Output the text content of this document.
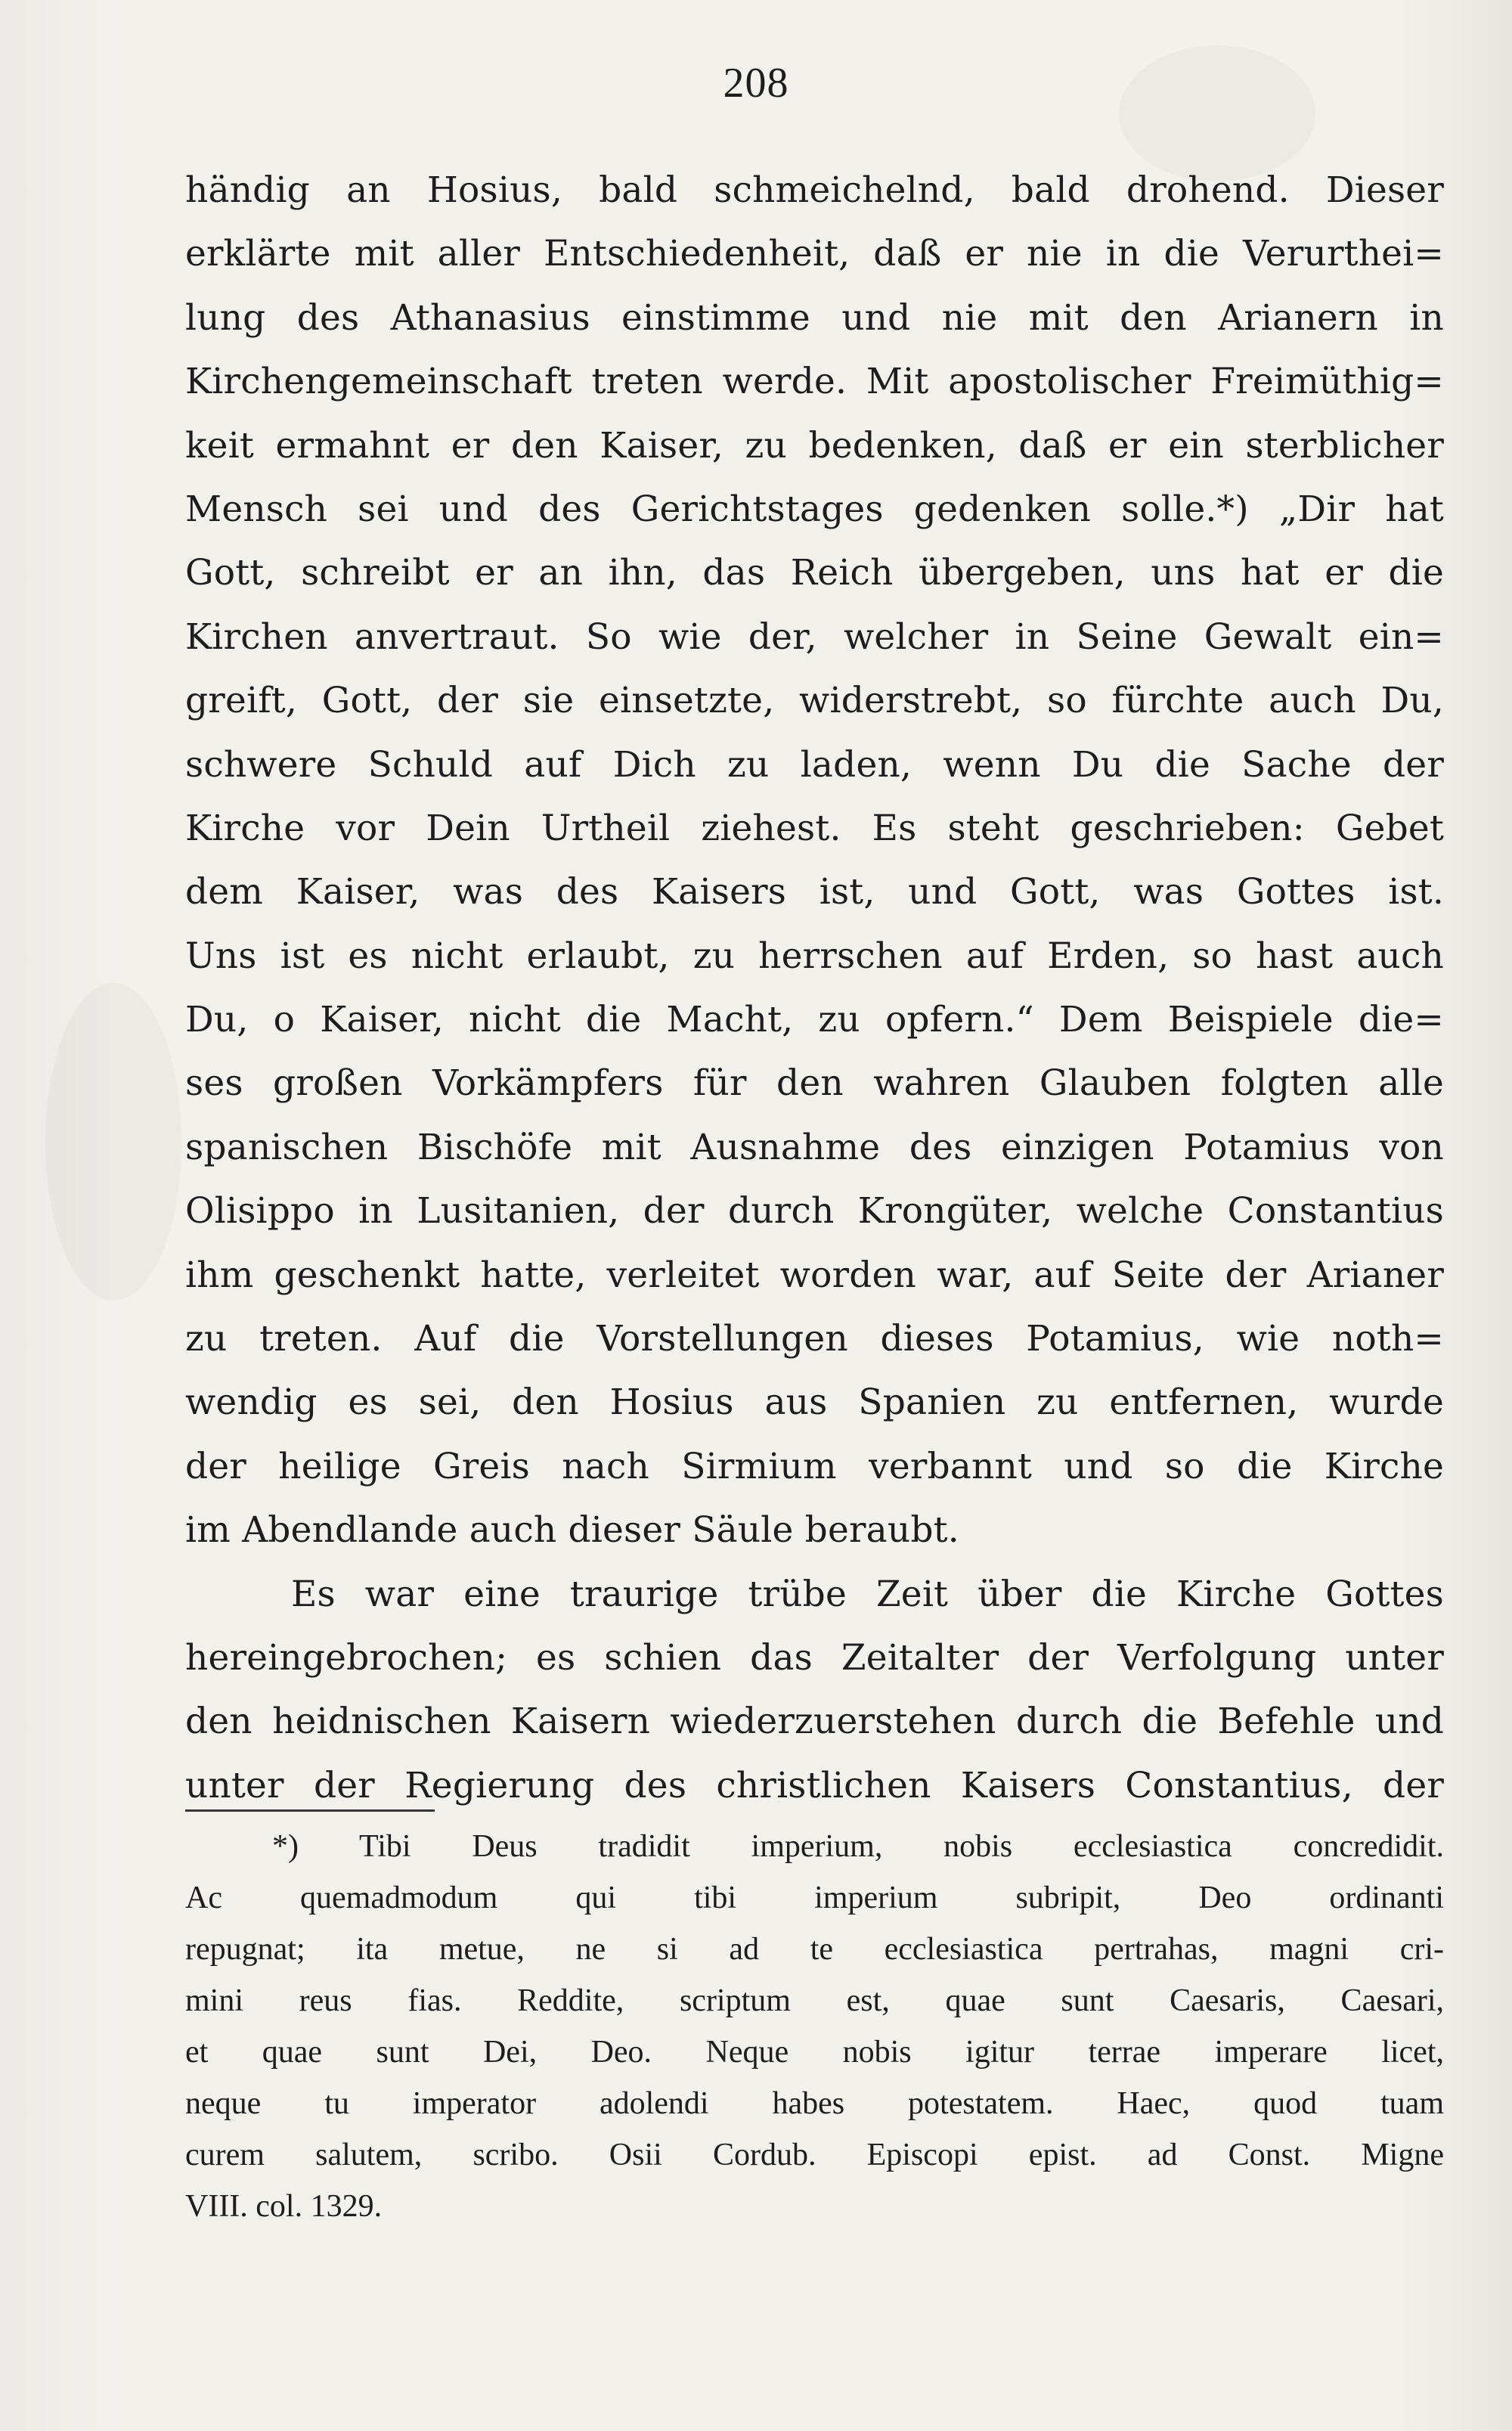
208
händig an Hosius, bald schmeichelnd, bald drohend. Dieser
erklärte mit aller Entschiedenheit, daß er nie in die Verurthei=
lung des Athanasius einstimme und nie mit den Arianern in
Kirchengemeinschaft treten werde. Mit apostolischer Freimüthig=
keit ermahnt er den Kaiser, zu bedenken, daß er ein sterblicher
Mensch sei und des Gerichtstages gedenken solle.*) „Dir hat
Gott, schreibt er an ihn, das Reich übergeben, uns hat er die
Kirchen anvertraut. So wie der, welcher in Seine Gewalt ein=
greift, Gott, der sie einsetzte, widerstrebt, so fürchte auch Du,
schwere Schuld auf Dich zu laden, wenn Du die Sache der
Kirche vor Dein Urtheil ziehest. Es steht geschrieben: Gebet
dem Kaiser, was des Kaisers ist, und Gott, was Gottes ist.
Uns ist es nicht erlaubt, zu herrschen auf Erden, so hast auch
Du, o Kaiser, nicht die Macht, zu opfern.“ Dem Beispiele die=
ses großen Vorkämpfers für den wahren Glauben folgten alle
spanischen Bischöfe mit Ausnahme des einzigen Potamius von
Olisippo in Lusitanien, der durch Krongüter, welche Constantius
ihm geschenkt hatte, verleitet worden war, auf Seite der Arianer
zu treten. Auf die Vorstellungen dieses Potamius, wie noth=
wendig es sei, den Hosius aus Spanien zu entfernen, wurde
der heilige Greis nach Sirmium verbannt und so die Kirche
im Abendlande auch dieser Säule beraubt.
Es war eine traurige trübe Zeit über die Kirche Gottes
hereingebrochen; es schien das Zeitalter der Verfolgung unter
den heidnischen Kaisern wiederzuerstehen durch die Befehle und
unter der Regierung des christlichen Kaisers Constantius, der
*) Tibi Deus tradidit imperium, nobis ecclesiastica concredidit.
Ac quemadmodum qui tibi imperium subripit, Deo ordinanti
repugnat; ita metue, ne si ad te ecclesiastica pertrahas, magni cri-
mini reus fias. Reddite, scriptum est, quae sunt Caesaris, Caesari,
et quae sunt Dei, Deo. Neque nobis igitur terrae imperare licet,
neque tu imperator adolendi habes potestatem. Haec, quod tuam
curem salutem, scribo. Osii Cordub. Episcopi epist. ad Const. Migne
VIII. col. 1329.
